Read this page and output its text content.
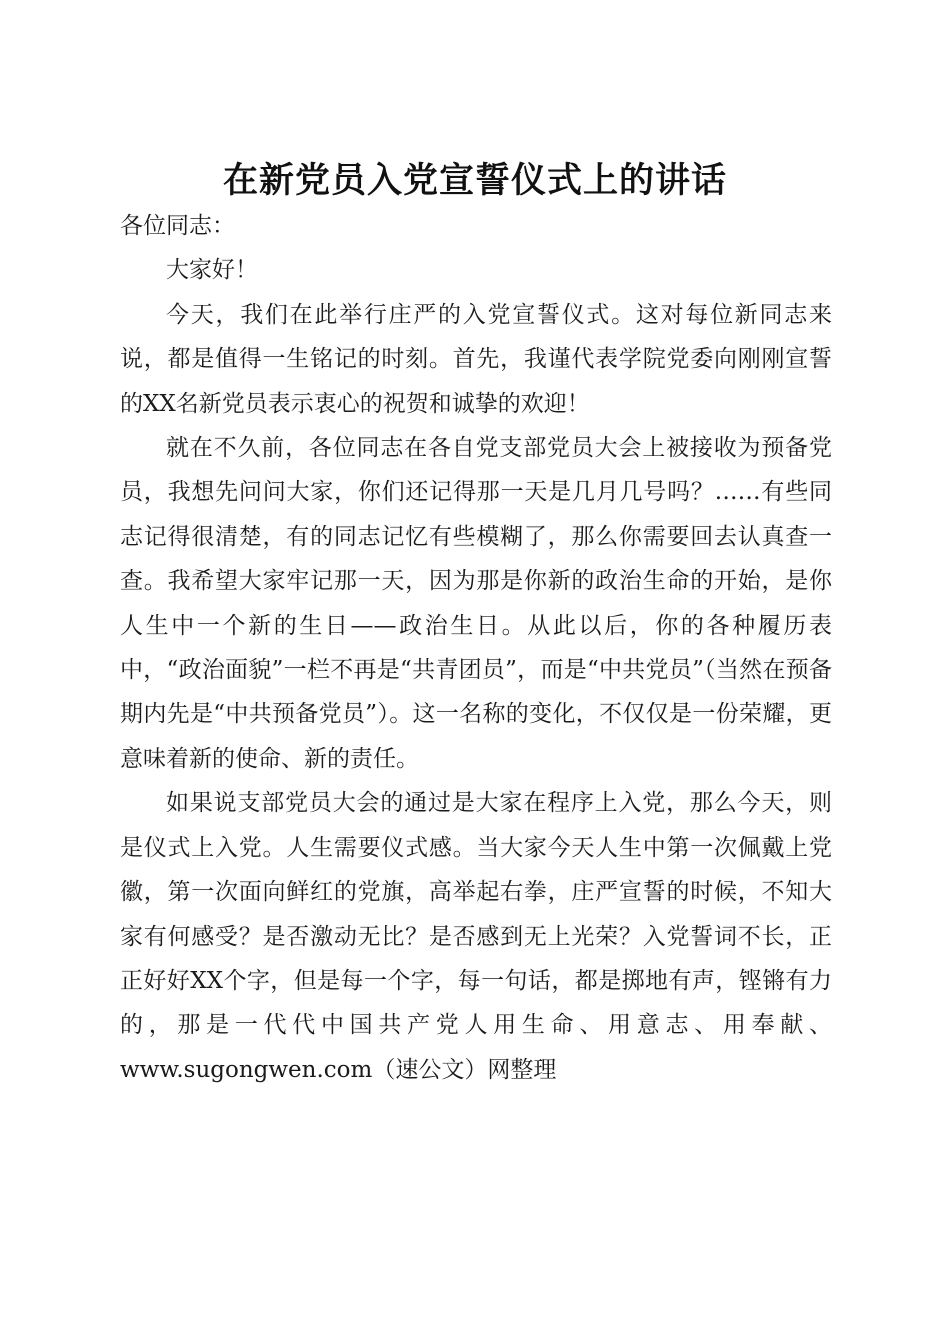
在新党员入党宣誓仪式上的讲话

各位同志：

大家好！

今天，我们在此举行庄严的入党宣誓仪式。这对每位新同志来说，都是值得一生铭记的时刻。首先，我谨代表学院党委向刚刚宣誓的XX名新党员表示衷心的祝贺和诚挚的欢迎！

就在不久前，各位同志在各自党支部党员大会上被接收为预备党员，我想先问问大家，你们还记得那一天是几月几号吗？……有些同志记得很清楚，有的同志记忆有些模糊了，那么你需要回去认真查一查。我希望大家牢记那一天，因为那是你新的政治生命的开始，是你人生中一个新的生日——政治生日。从此以后，你的各种履历表中，“政治面貌”一栏不再是“共青团员”，而是“中共党员”（当然在预备期内先是“中共预备党员”）。这一名称的变化，不仅仅是一份荣耀，更意味着新的使命、新的责任。

如果说支部党员大会的通过是大家在程序上入党，那么今天，则是仪式上入党。人生需要仪式感。当大家今天人生中第一次佩戴上党徽，第一次面向鲜红的党旗，高举起右拳，庄严宣誓的时候，不知大家有何感受？是否激动无比？是否感到无上光荣？入党誓词不长，正正好好XX个字，但是每一个字，每一句话，都是掷地有声，铿锵有力的，那是一代代中国共产党人用生命、用意志、用奉献、www.sugongwen.com（速公文）网整理
